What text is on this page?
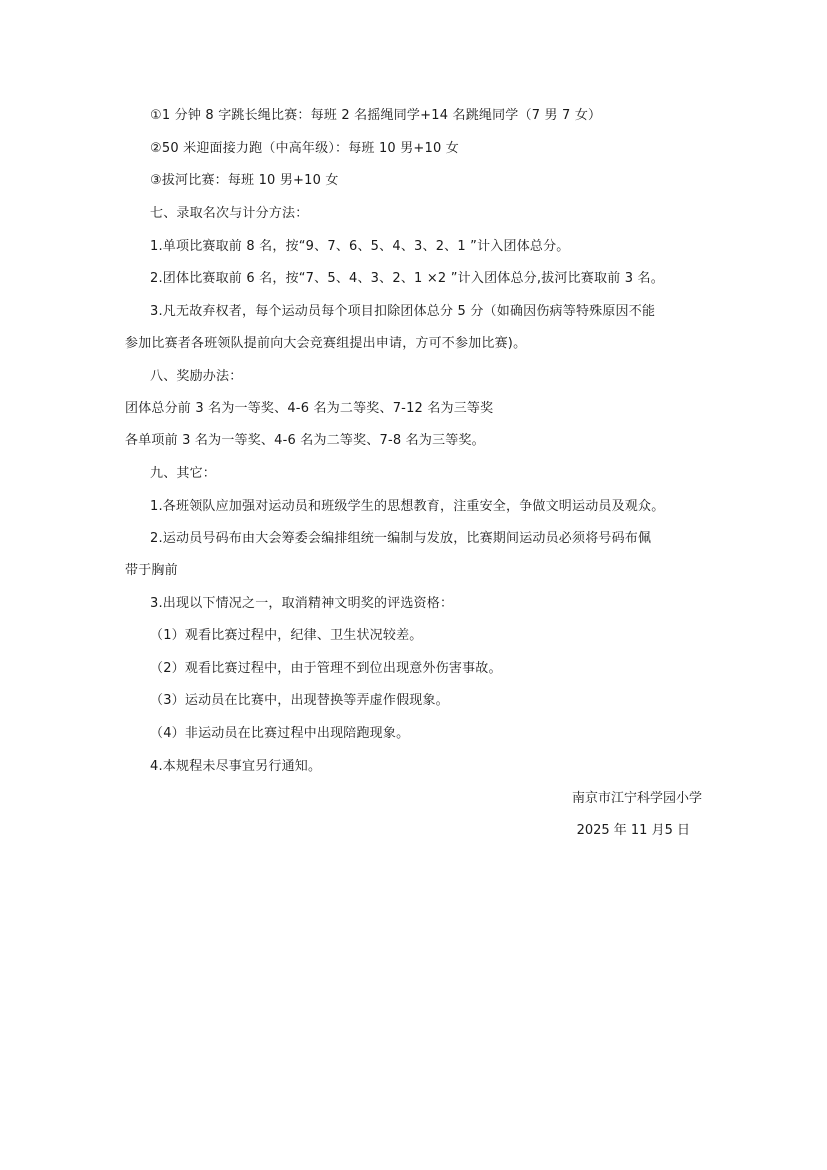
①1 分钟 8 字跳长绳比赛：每班 2 名摇绳同学+14 名跳绳同学（7 男 7 女）
②50 米迎面接力跑（中高年级）：每班 10 男+10 女
③拔河比赛：每班 10 男+10 女
七、录取名次与计分方法：
1.单项比赛取前 8 名，按“9、7、6、5、4、3、2、1 ”计入团体总分。
2.团体比赛取前 6 名，按“7、5、4、3、2、1 ×2 ”计入团体总分,拔河比赛取前 3 名。
3.凡无故弃权者，每个运动员每个项目扣除团体总分 5 分（如确因伤病等特殊原因不能
参加比赛者各班领队提前向大会竞赛组提出申请，方可不参加比赛)。
八、奖励办法：
团体总分前 3 名为一等奖、4-6 名为二等奖、7-12 名为三等奖
各单项前 3 名为一等奖、4-6 名为二等奖、7-8 名为三等奖。
九、其它：
1.各班领队应加强对运动员和班级学生的思想教育，注重安全，争做文明运动员及观众。
2.运动员号码布由大会筹委会编排组统一编制与发放，比赛期间运动员必须将号码布佩
带于胸前
3.出现以下情况之一，取消精神文明奖的评选资格：
（1）观看比赛过程中，纪律、卫生状况较差。
（2）观看比赛过程中，由于管理不到位出现意外伤害事故。
（3）运动员在比赛中，出现替换等弄虚作假现象。
（4）非运动员在比赛过程中出现陪跑现象。
4.本规程未尽事宜另行通知。
南京市江宁科学园小学
2025 年 11 月5 日
